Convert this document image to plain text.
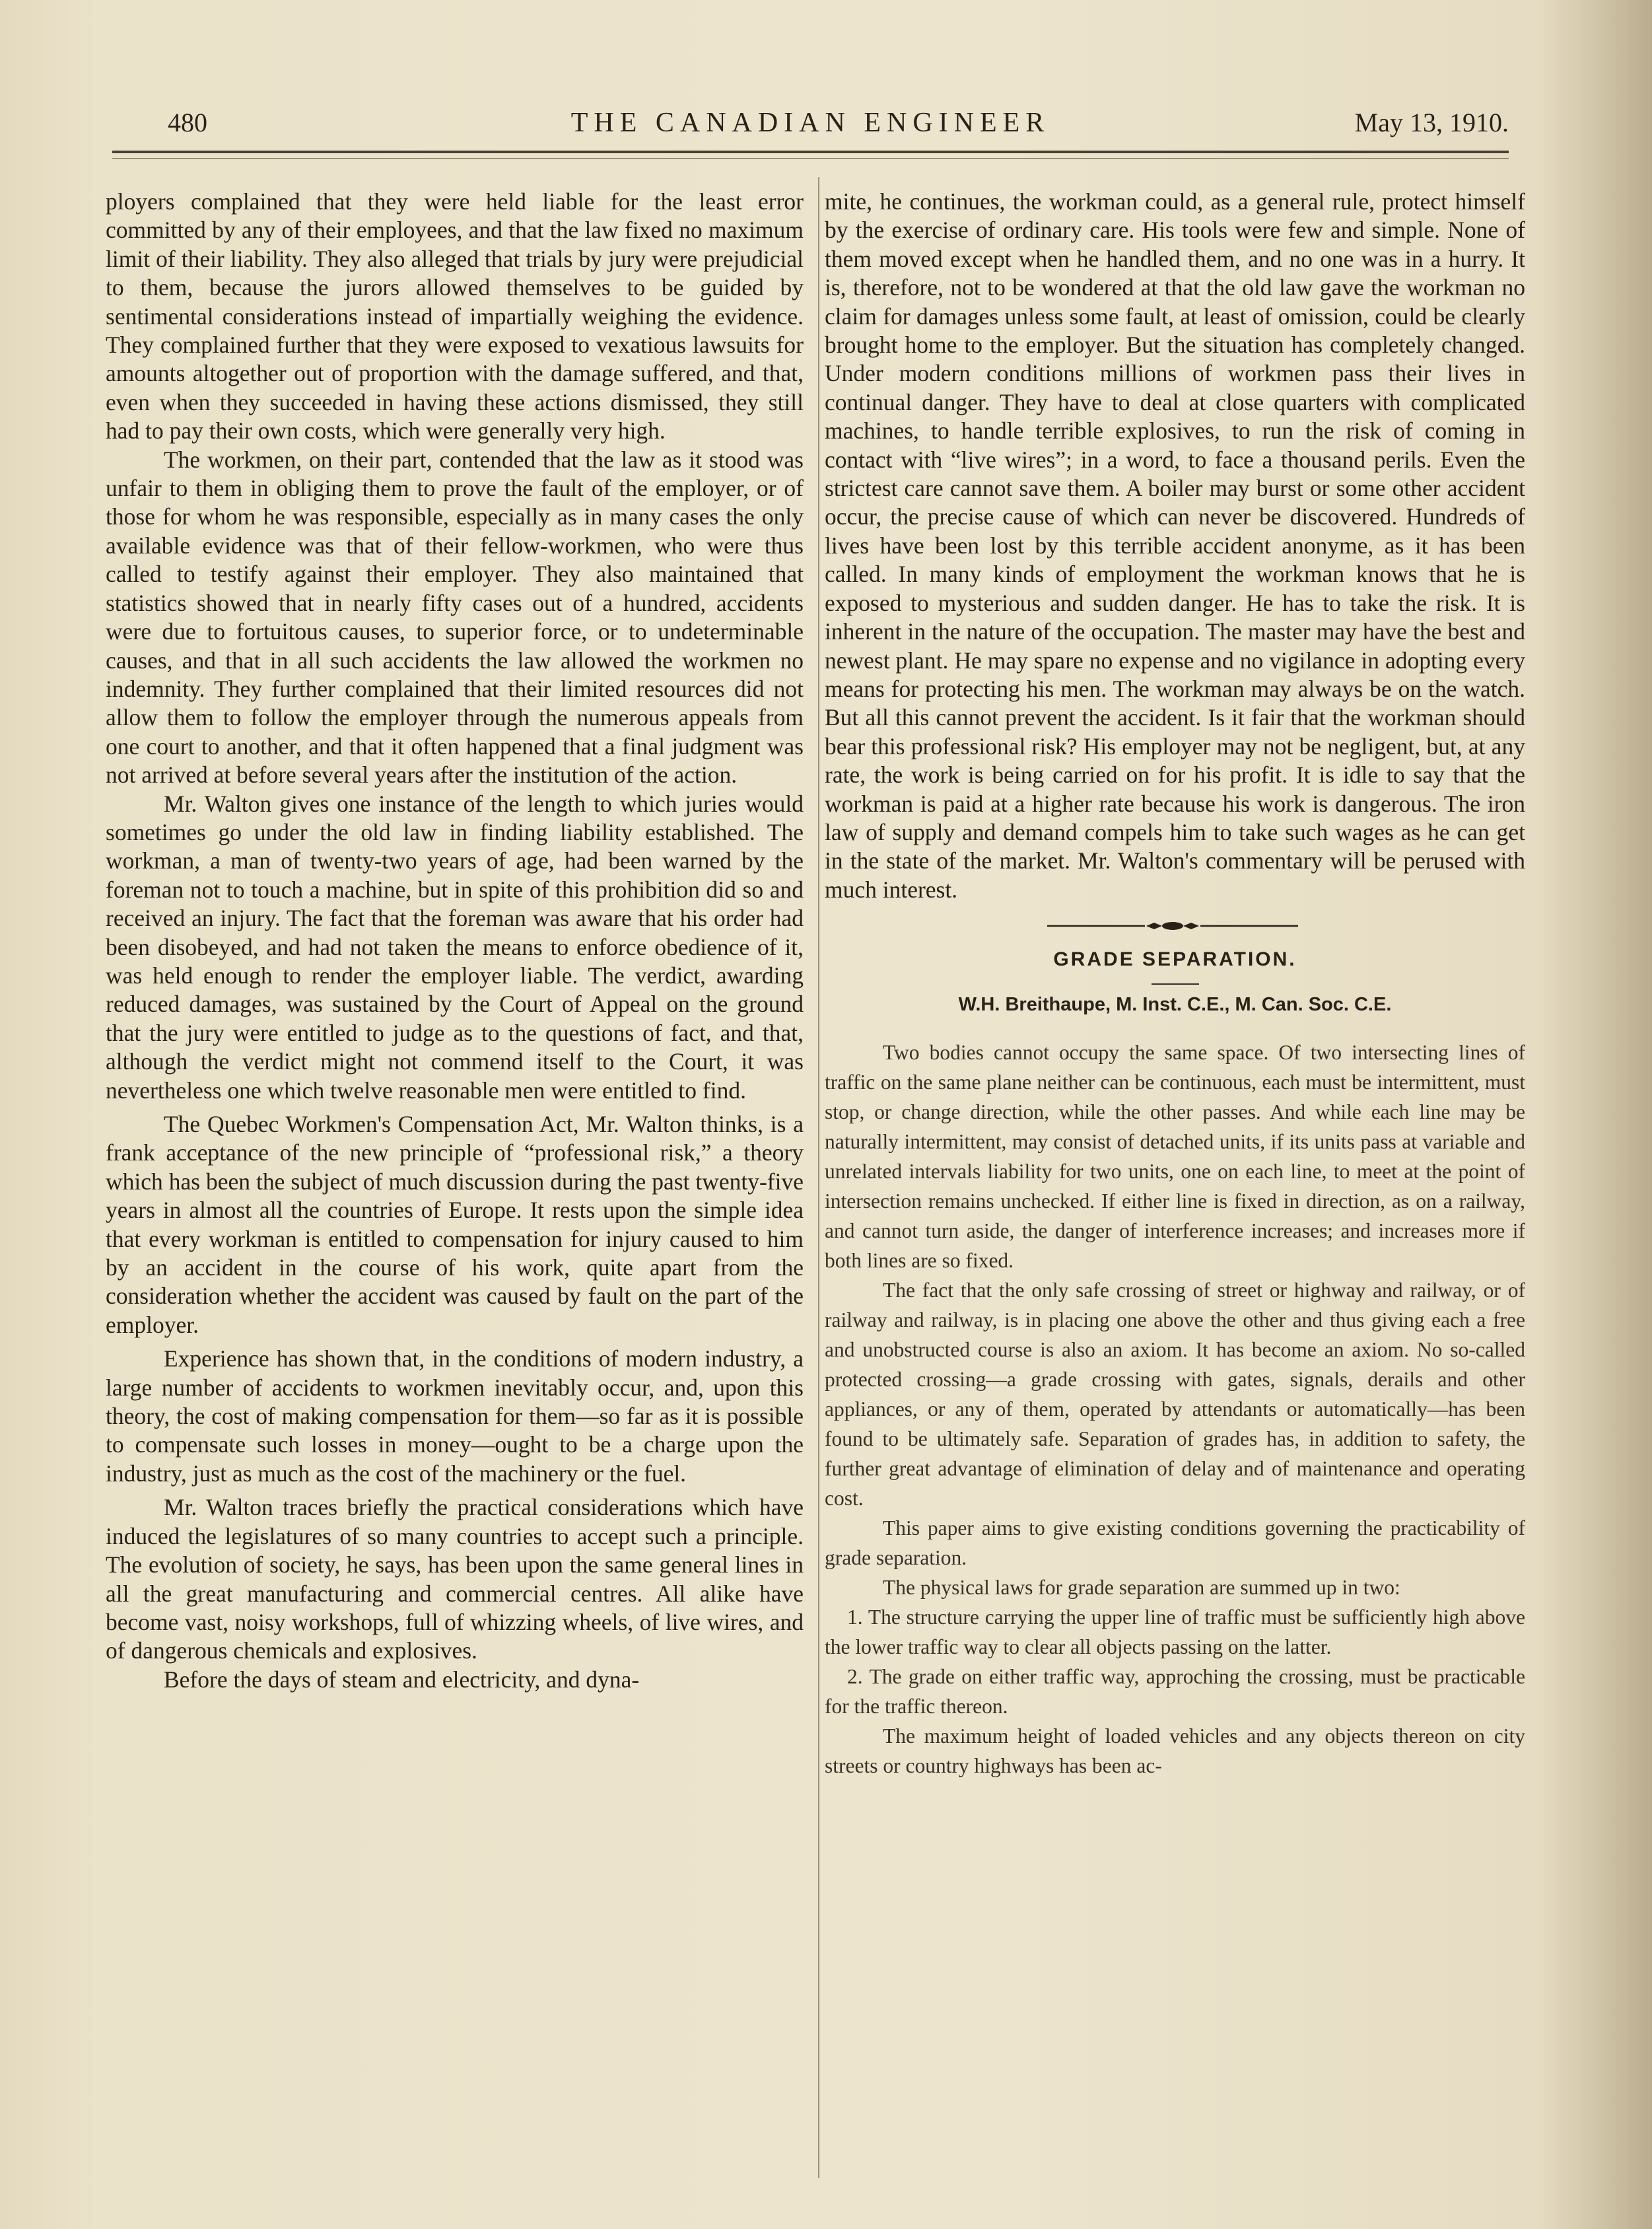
480	THE CANADIAN ENGINEER	May 13, 1910.

ployers complained that they were held liable for the least error committed by any of their employees, and that the law fixed no maximum limit of their liability. They also alleged that trials by jury were prejudicial to them, because the jurors allowed themselves to be guided by sentimental considerations instead of impartially weighing the evidence. They complained further that they were exposed to vexatious lawsuits for amounts altogether out of proportion with the damage suffered, and that, even when they succeeded in having these actions dismissed, they still had to pay their own costs, which were generally very high.

The workmen, on their part, contended that the law as it stood was unfair to them in obliging them to prove the fault of the employer, or of those for whom he was responsible, especially as in many cases the only available evidence was that of their fellow-workmen, who were thus called to testify against their employer. They also maintained that statistics showed that in nearly fifty cases out of a hundred, accidents were due to fortuitous causes, to superior force, or to undeterminable causes, and that in all such accidents the law allowed the workmen no indemnity. They further complained that their limited resources did not allow them to follow the employer through the numerous appeals from one court to another, and that it often happened that a final judgment was not arrived at before several years after the institution of the action.

Mr. Walton gives one instance of the length to which juries would sometimes go under the old law in finding liability established. The workman, a man of twenty-two years of age, had been warned by the foreman not to touch a machine, but in spite of this prohibition did so and received an injury. The fact that the foreman was aware that his order had been disobeyed, and had not taken the means to enforce obedience of it, was held enough to render the employer liable. The verdict, awarding reduced damages, was sustained by the Court of Appeal on the ground that the jury were entitled to judge as to the questions of fact, and that, although the verdict might not commend itself to the Court, it was nevertheless one which twelve reasonable men were entitled to find.

The Quebec Workmen's Compensation Act, Mr. Walton thinks, is a frank acceptance of the new principle of “professional risk,” a theory which has been the subject of much discussion during the past twenty-five years in almost all the countries of Europe. It rests upon the simple idea that every workman is entitled to compensation for injury caused to him by an accident in the course of his work, quite apart from the consideration whether the accident was caused by fault on the part of the employer.

Experience has shown that, in the conditions of modern industry, a large number of accidents to workmen inevitably occur, and, upon this theory, the cost of making compensation for them—so far as it is possible to compensate such losses in money—ought to be a charge upon the industry, just as much as the cost of the machinery or the fuel.

Mr. Walton traces briefly the practical considerations which have induced the legislatures of so many countries to accept such a principle. The evolution of society, he says, has been upon the same general lines in all the great manufacturing and commercial centres. All alike have become vast, noisy workshops, full of whizzing wheels, of live wires, and of dangerous chemicals and explosives.

Before the days of steam and electricity, and dyna-

mite, he continues, the workman could, as a general rule, protect himself by the exercise of ordinary care. His tools were few and simple. None of them moved except when he handled them, and no one was in a hurry. It is, therefore, not to be wondered at that the old law gave the workman no claim for damages unless some fault, at least of omission, could be clearly brought home to the employer. But the situation has completely changed. Under modern conditions millions of workmen pass their lives in continual danger. They have to deal at close quarters with complicated machines, to handle terrible explosives, to run the risk of coming in contact with “live wires”; in a word, to face a thousand perils. Even the strictest care cannot save them. A boiler may burst or some other accident occur, the precise cause of which can never be discovered. Hundreds of lives have been lost by this terrible accident anonyme, as it has been called. In many kinds of employment the workman knows that he is exposed to mysterious and sudden danger. He has to take the risk. It is inherent in the nature of the occupation. The master may have the best and newest plant. He may spare no expense and no vigilance in adopting every means for protecting his men. The workman may always be on the watch. But all this cannot prevent the accident. Is it fair that the workman should bear this professional risk? His employer may not be negligent, but, at any rate, the work is being carried on for his profit. It is idle to say that the workman is paid at a higher rate because his work is dangerous. The iron law of supply and demand compels him to take such wages as he can get in the state of the market. Mr. Walton's commentary will be perused with much interest.

GRADE SEPARATION.
W.H. Breithaupe, M. Inst. C.E., M. Can. Soc. C.E.

Two bodies cannot occupy the same space. Of two intersecting lines of traffic on the same plane neither can be continuous, each must be intermittent, must stop, or change direction, while the other passes. And while each line may be naturally intermittent, may consist of detached units, if its units pass at variable and unrelated intervals liability for two units, one on each line, to meet at the point of intersection remains unchecked. If either line is fixed in direction, as on a railway, and cannot turn aside, the danger of interference increases; and increases more if both lines are so fixed.

The fact that the only safe crossing of street or highway and railway, or of railway and railway, is in placing one above the other and thus giving each a free and unobstructed course is also an axiom. It has become an axiom. No so-called protected crossing—a grade crossing with gates, signals, derails and other appliances, or any of them, operated by attendants or automatically—has been found to be ultimately safe. Separation of grades has, in addition to safety, the further great advantage of elimination of delay and of maintenance and operating cost.

This paper aims to give existing conditions governing the practicability of grade separation.

The physical laws for grade separation are summed up in two:

1. The structure carrying the upper line of traffic must be sufficiently high above the lower traffic way to clear all objects passing on the latter.

2. The grade on either traffic way, approching the crossing, must be practicable for the traffic thereon.

The maximum height of loaded vehicles and any objects thereon on city streets or country highways has been ac-
